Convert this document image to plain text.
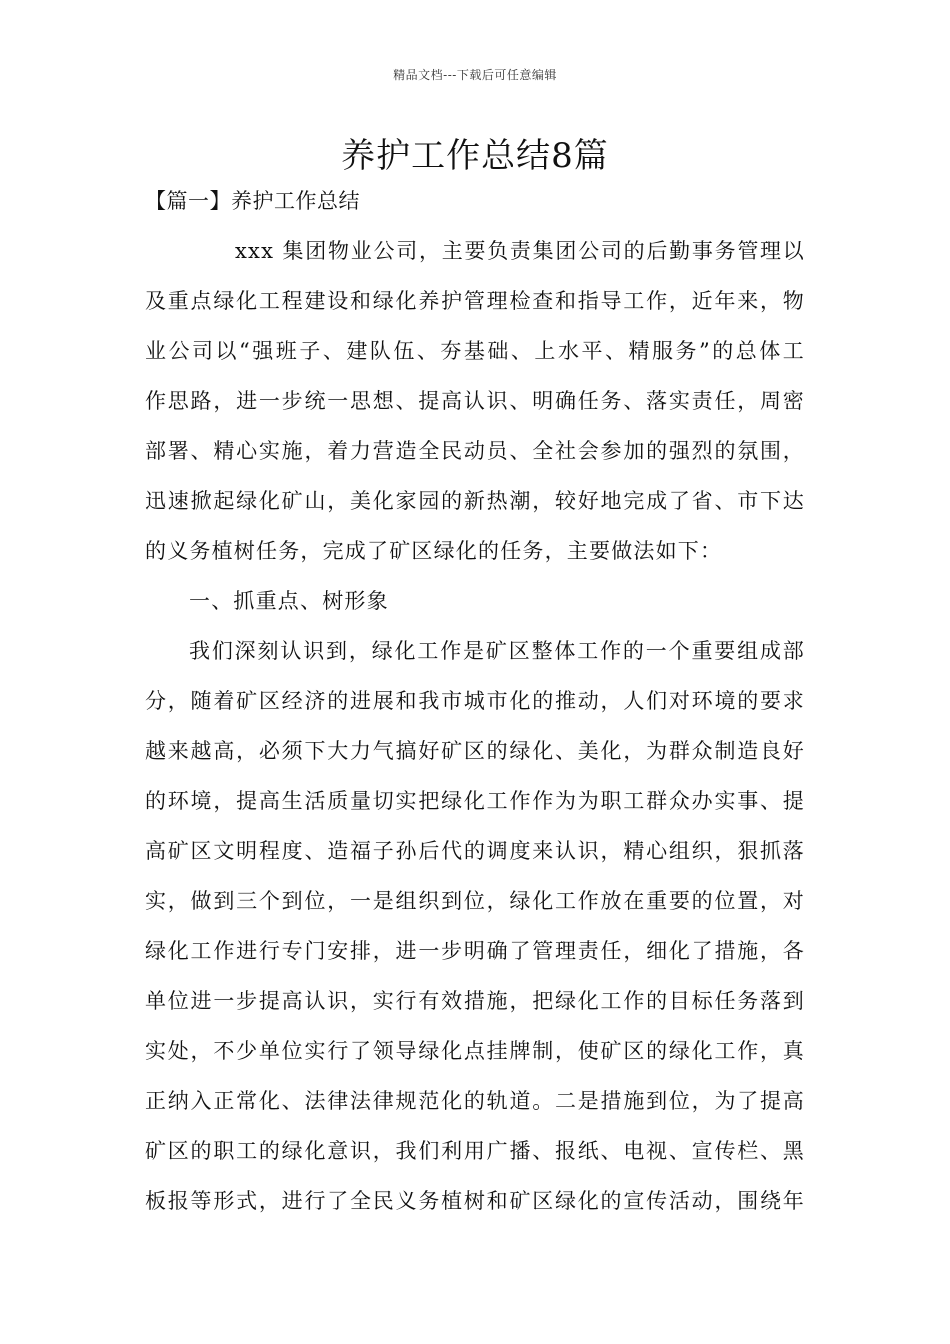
精品文档---下载后可任意编辑
养护工作总结8篇
【篇一】养护工作总结
xxx 集团物业公司，主要负责集团公司的后勤事务管理以
及重点绿化工程建设和绿化养护管理检查和指导工作，近年来，物
业公司以“强班子、建队伍、夯基础、上水平、精服务”的总体工
作思路，进一步统一思想、提高认识、明确任务、落实责任，周密
部署、精心实施，着力营造全民动员、全社会参加的强烈的氛围，
迅速掀起绿化矿山，美化家园的新热潮，较好地完成了省、市下达
的义务植树任务，完成了矿区绿化的任务，主要做法如下：
一、抓重点、树形象
我们深刻认识到，绿化工作是矿区整体工作的一个重要组成部
分，随着矿区经济的进展和我市城市化的推动，人们对环境的要求
越来越高，必须下大力气搞好矿区的绿化、美化，为群众制造良好
的环境，提高生活质量切实把绿化工作作为为职工群众办实事、提
高矿区文明程度、造福子孙后代的调度来认识，精心组织，狠抓落
实，做到三个到位，一是组织到位，绿化工作放在重要的位置，对
绿化工作进行专门安排，进一步明确了管理责任，细化了措施，各
单位进一步提高认识，实行有效措施，把绿化工作的目标任务落到
实处，不少单位实行了领导绿化点挂牌制，使矿区的绿化工作，真
正纳入正常化、法律法律规范化的轨道。二是措施到位，为了提高
矿区的职工的绿化意识，我们利用广播、报纸、电视、宣传栏、黑
板报等形式，进行了全民义务植树和矿区绿化的宣传活动，围绕年
